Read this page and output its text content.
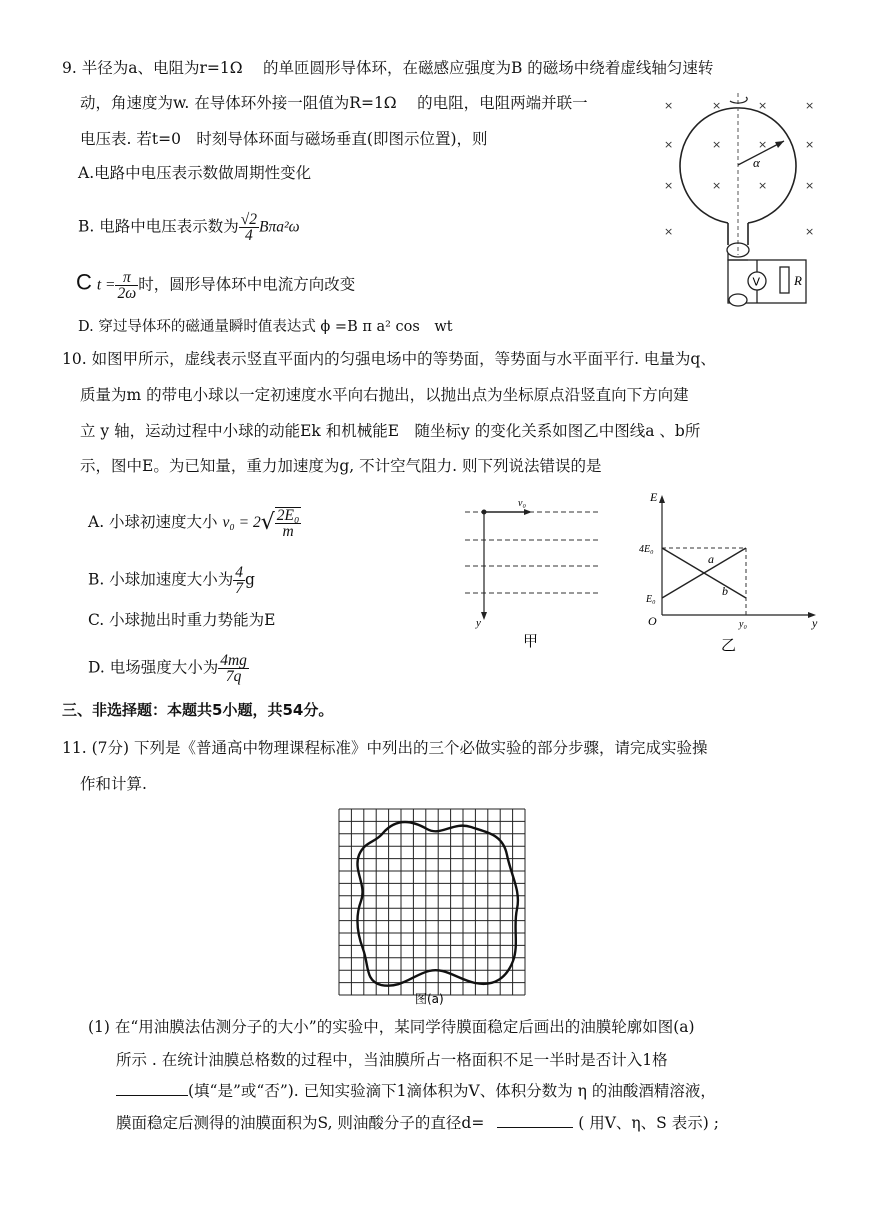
9. 半径为a、电阻为r=1Ω　 的单匝圆形导体环，在磁感应强度为B 的磁场中绕着虚线轴匀速转
动，角速度为w. 在导体环外接一阻值为R=1Ω　 的电阻，电阻两端并联一
电压表. 若t=0　时刻导体环面与磁场垂直(即图示位置)，则
A.电路中电压表示数做周期性变化
B. 电路中电压表示数为 $\frac{√2}{4} B\pi a^2\omega$
C $t = \frac{\pi}{2\omega}$ 时，圆形导体环中电流方向改变
D. 穿过导体环的磁通量瞬时值表达式 ϕ =B π a² cos　wt
×	×	×	×
×	×	×	×
×	×	×	×
×	×
α
V	R
10. 如图甲所示，虚线表示竖直平面内的匀强电场中的等势面，等势面与水平面平行. 电量为q、
质量为m 的带电小球以一定初速度水平向右抛出，以抛出点为坐标原点沿竖直向下方向建
立 y 轴，运动过程中小球的动能Ek 和机械能E　随坐标y 的变化关系如图乙中图线a 、b所
示，图中E。为已知量，重力加速度为g, 不计空气阻力. 则下列说法错误的是
A. 小球初速度大小 $v_0 = 2√ \frac{\text{2E₀}}{m}$
B. 小球加速度大小为 $\frac{4}{7}$ g
C. 小球抛出时重力势能为E
D. 电场强度大小为 $\frac{4mg}{7q}$
v₀
y
甲
E
4E₀
E₀
O	y₀	y
a
b
乙
三、非选择题：本题共5小题，共54分。
11. (7分) 下列是《普通高中物理课程标准》中列出的三个必做实验的部分步骤，请完成实验操
作和计算.
图(a)
(1) 在“用油膜法估测分子的大小”的实验中，某同学待膜面稳定后画出的油膜轮廓如图(a)
所示 . 在统计油膜总格数的过程中，当油膜所占一格面积不足一半时是否计入1格
(填“是”或“否”). 已知实验滴下1滴体积为V、体积分数为 η 的油酸酒精溶液，
膜面稳定后测得的油膜面积为S, 则油酸分子的直径d=	( 用V、η、S 表示) ;
